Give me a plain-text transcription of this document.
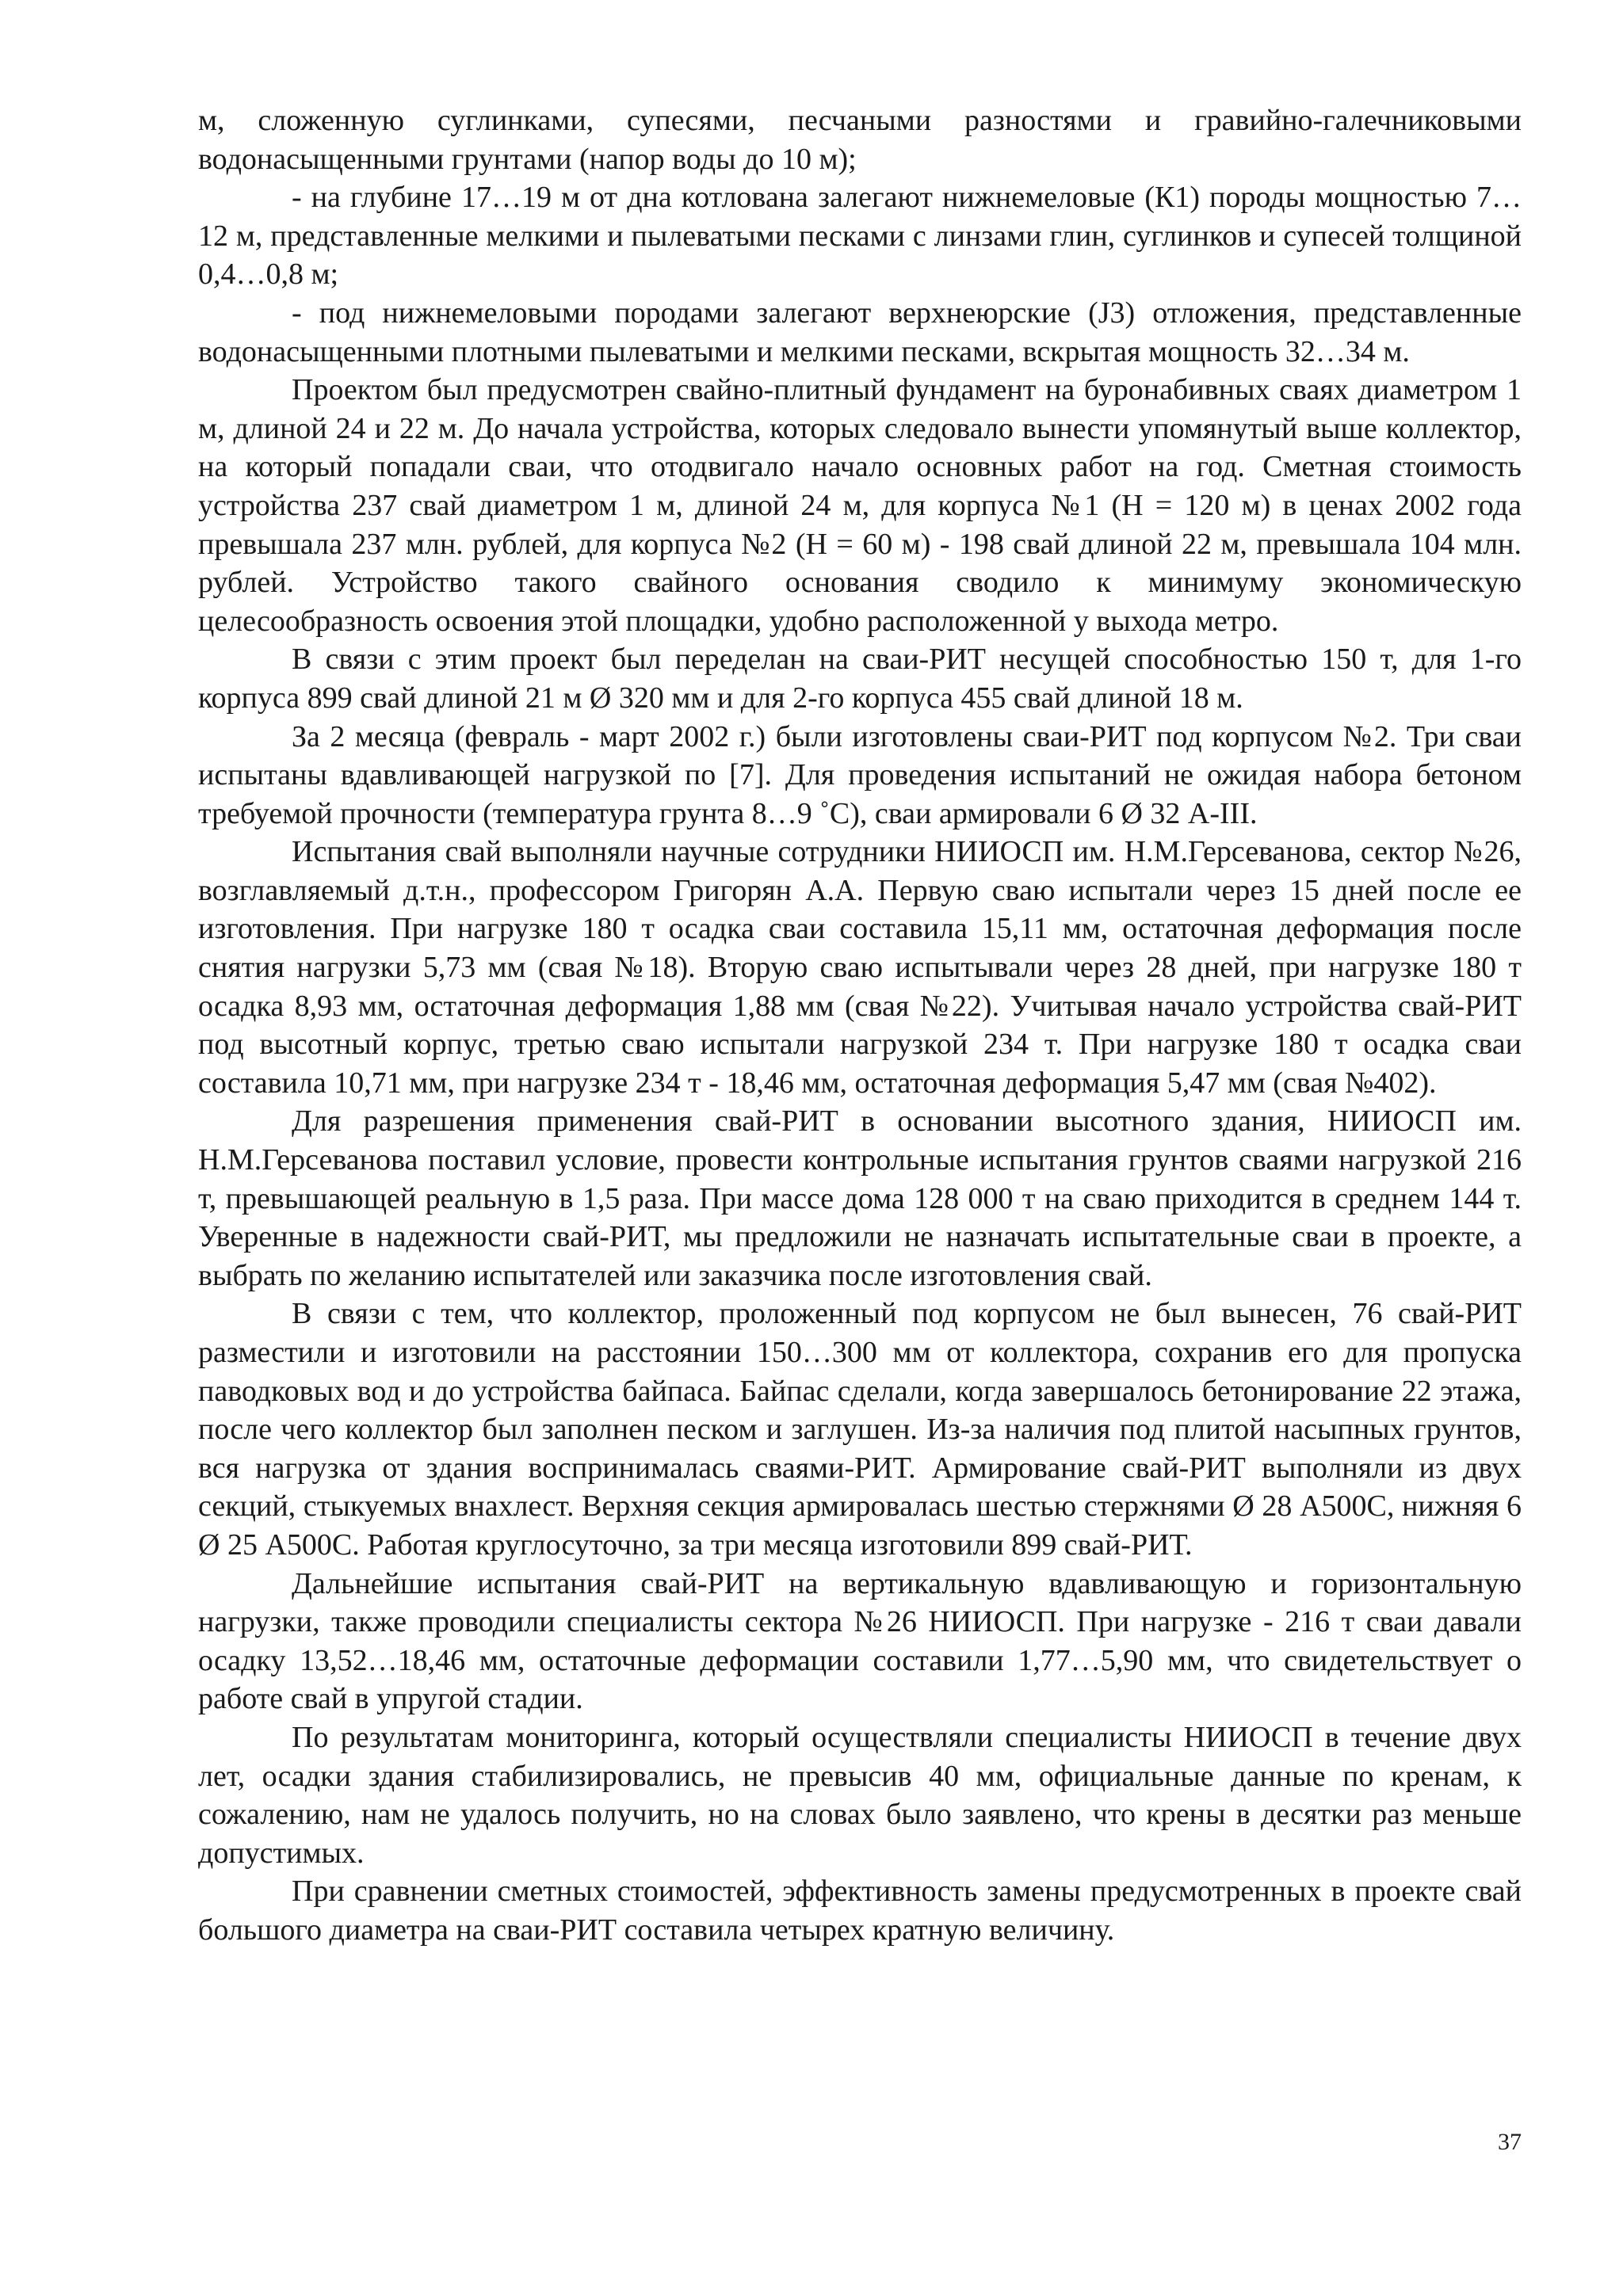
м, сложенную суглинками, супесями, песчаными разностями и гравийно-галечниковыми водонасыщенными грунтами (напор воды до 10 м);

- на глубине 17…19 м от дна котлована залегают нижнемеловые (К1) породы мощностью 7…12 м, представленные мелкими и пылеватыми песками с линзами глин, суглинков и супесей толщиной 0,4…0,8 м;

- под нижнемеловыми породами залегают верхнеюрские (J3) отложения, представленные водонасыщенными плотными пылеватыми и мелкими песками, вскрытая мощность 32…34 м.

Проектом был предусмотрен свайно-плитный фундамент на буронабивных сваях диаметром 1 м, длиной 24 и 22 м. До начала устройства, которых следовало вынести упомянутый выше коллектор, на который попадали сваи, что отодвигало начало основных работ на год. Сметная стоимость устройства 237 свай диаметром 1 м, длиной 24 м, для корпуса №1 (Н = 120 м) в ценах 2002 года превышала 237 млн. рублей, для корпуса №2 (Н = 60 м) - 198 свай длиной 22 м, превышала 104 млн. рублей. Устройство такого свайного основания сводило к минимуму экономическую целесообразность освоения этой площадки, удобно расположенной у выхода метро.

В связи с этим проект был переделан на сваи-РИТ несущей способностью 150 т, для 1-го корпуса 899 свай длиной 21 м Ø 320 мм и для 2-го корпуса 455 свай длиной 18 м.

За 2 месяца (февраль - март 2002 г.) были изготовлены сваи-РИТ под корпусом №2. Три сваи испытаны вдавливающей нагрузкой по [7]. Для проведения испытаний не ожидая набора бетоном требуемой прочности (температура грунта 8…9 ˚С), сваи армировали 6 Ø 32 А-III.

Испытания свай выполняли научные сотрудники НИИОСП им. Н.М.Герсеванова, сектор №26, возглавляемый д.т.н., профессором Григорян А.А. Первую сваю испытали через 15 дней после ее изготовления. При нагрузке 180 т осадка сваи составила 15,11 мм, остаточная деформация после снятия нагрузки 5,73 мм (свая №18). Вторую сваю испытывали через 28 дней, при нагрузке 180 т осадка 8,93 мм, остаточная деформация 1,88 мм (свая №22). Учитывая начало устройства свай-РИТ под высотный корпус, третью сваю испытали нагрузкой 234 т. При нагрузке 180 т осадка сваи составила 10,71 мм, при нагрузке 234 т - 18,46 мм, остаточная деформация 5,47 мм (свая №402).

Для разрешения применения свай-РИТ в основании высотного здания, НИИОСП им. Н.М.Герсеванова поставил условие, провести контрольные испытания грунтов сваями нагрузкой 216 т, превышающей реальную в 1,5 раза. При массе дома 128 000 т на сваю приходится в среднем 144 т. Уверенные в надежности свай-РИТ, мы предложили не назначать испытательные сваи в проекте, а выбрать по желанию испытателей или заказчика после изготовления свай.

В связи с тем, что коллектор, проложенный под корпусом не был вынесен, 76 свай-РИТ разместили и изготовили на расстоянии 150…300 мм от коллектора, сохранив его для пропуска паводковых вод и до устройства байпаса. Байпас сделали, когда завершалось бетонирование 22 этажа, после чего коллектор был заполнен песком и заглушен. Из-за наличия под плитой насыпных грунтов, вся нагрузка от здания воспринималась сваями-РИТ. Армирование свай-РИТ выполняли из двух секций, стыкуемых внахлест. Верхняя секция армировалась шестью стержнями Ø 28 А500С, нижняя 6 Ø 25 А500С. Работая круглосуточно, за три месяца изготовили 899 свай-РИТ.

Дальнейшие испытания свай-РИТ на вертикальную вдавливающую и горизонтальную нагрузки, также проводили специалисты сектора №26 НИИОСП. При нагрузке - 216 т сваи давали осадку 13,52…18,46 мм, остаточные деформации составили 1,77…5,90 мм, что свидетельствует о работе свай в упругой стадии.

По результатам мониторинга, который осуществляли специалисты НИИОСП в течение двух лет, осадки здания стабилизировались, не превысив 40 мм, официальные данные по кренам, к сожалению, нам не удалось получить, но на словах было заявлено, что крены в десятки раз меньше допустимых.

При сравнении сметных стоимостей, эффективность замены предусмотренных в проекте свай большого диаметра на сваи-РИТ составила четырех кратную величину.

37
